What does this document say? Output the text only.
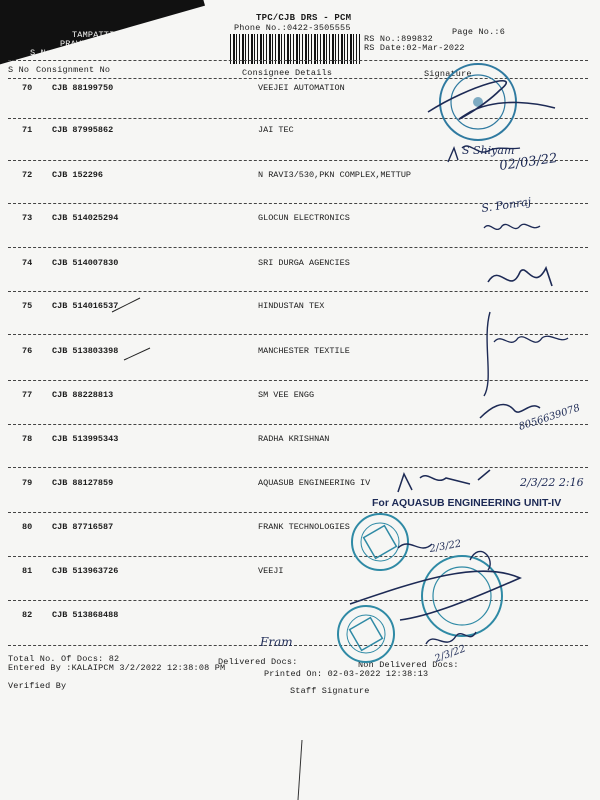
TPC/CJB DRS - PCM
Phone No.:0422-3505555	Page No.:6
RS No.:899832
RS Date:02-Mar-2022
TAMPATTI
PRAVEEN
S No. :DCJB89983206
S No Consignment No	Consignee Details	Signature
70 CJB 88199750	VEEJEI AUTOMATION
71 CJB 87995862	JAI TEC
72 CJB 152296	N RAVI3/530,PKN COMPLEX,METTUP
73 CJB 514025294	GLOCUN ELECTRONICS
74 CJB 514007830	SRI DURGA AGENCIES
75 CJB 514016537	HINDUSTAN TEX
76 CJB 513803398	MANCHESTER TEXTILE
77 CJB 88228813	SM VEE ENGG
78 CJB 513995343	RADHA KRISHNAN
79 CJB 88127859	AQUASUB ENGINEERING IV
80 CJB 87716587	FRANK TECHNOLOGIES
81 CJB 513963726	VEEJI
82 CJB 513868488
Total No. Of Docs: 82	Delivered Docs:	Non Delivered Docs:
Entered By :KALAIPCM 3/2/2022 12:38:08 PM
Printed On: 02-03-2022 12:38:13
Verified By	Staff Signature
S Shiyam
02/03/22
S. Ponraj
8056639078
2/3/22 2:16
For AQUASUB ENGINEERING UNIT-IV
2/3/22
Fram
2/3/22
